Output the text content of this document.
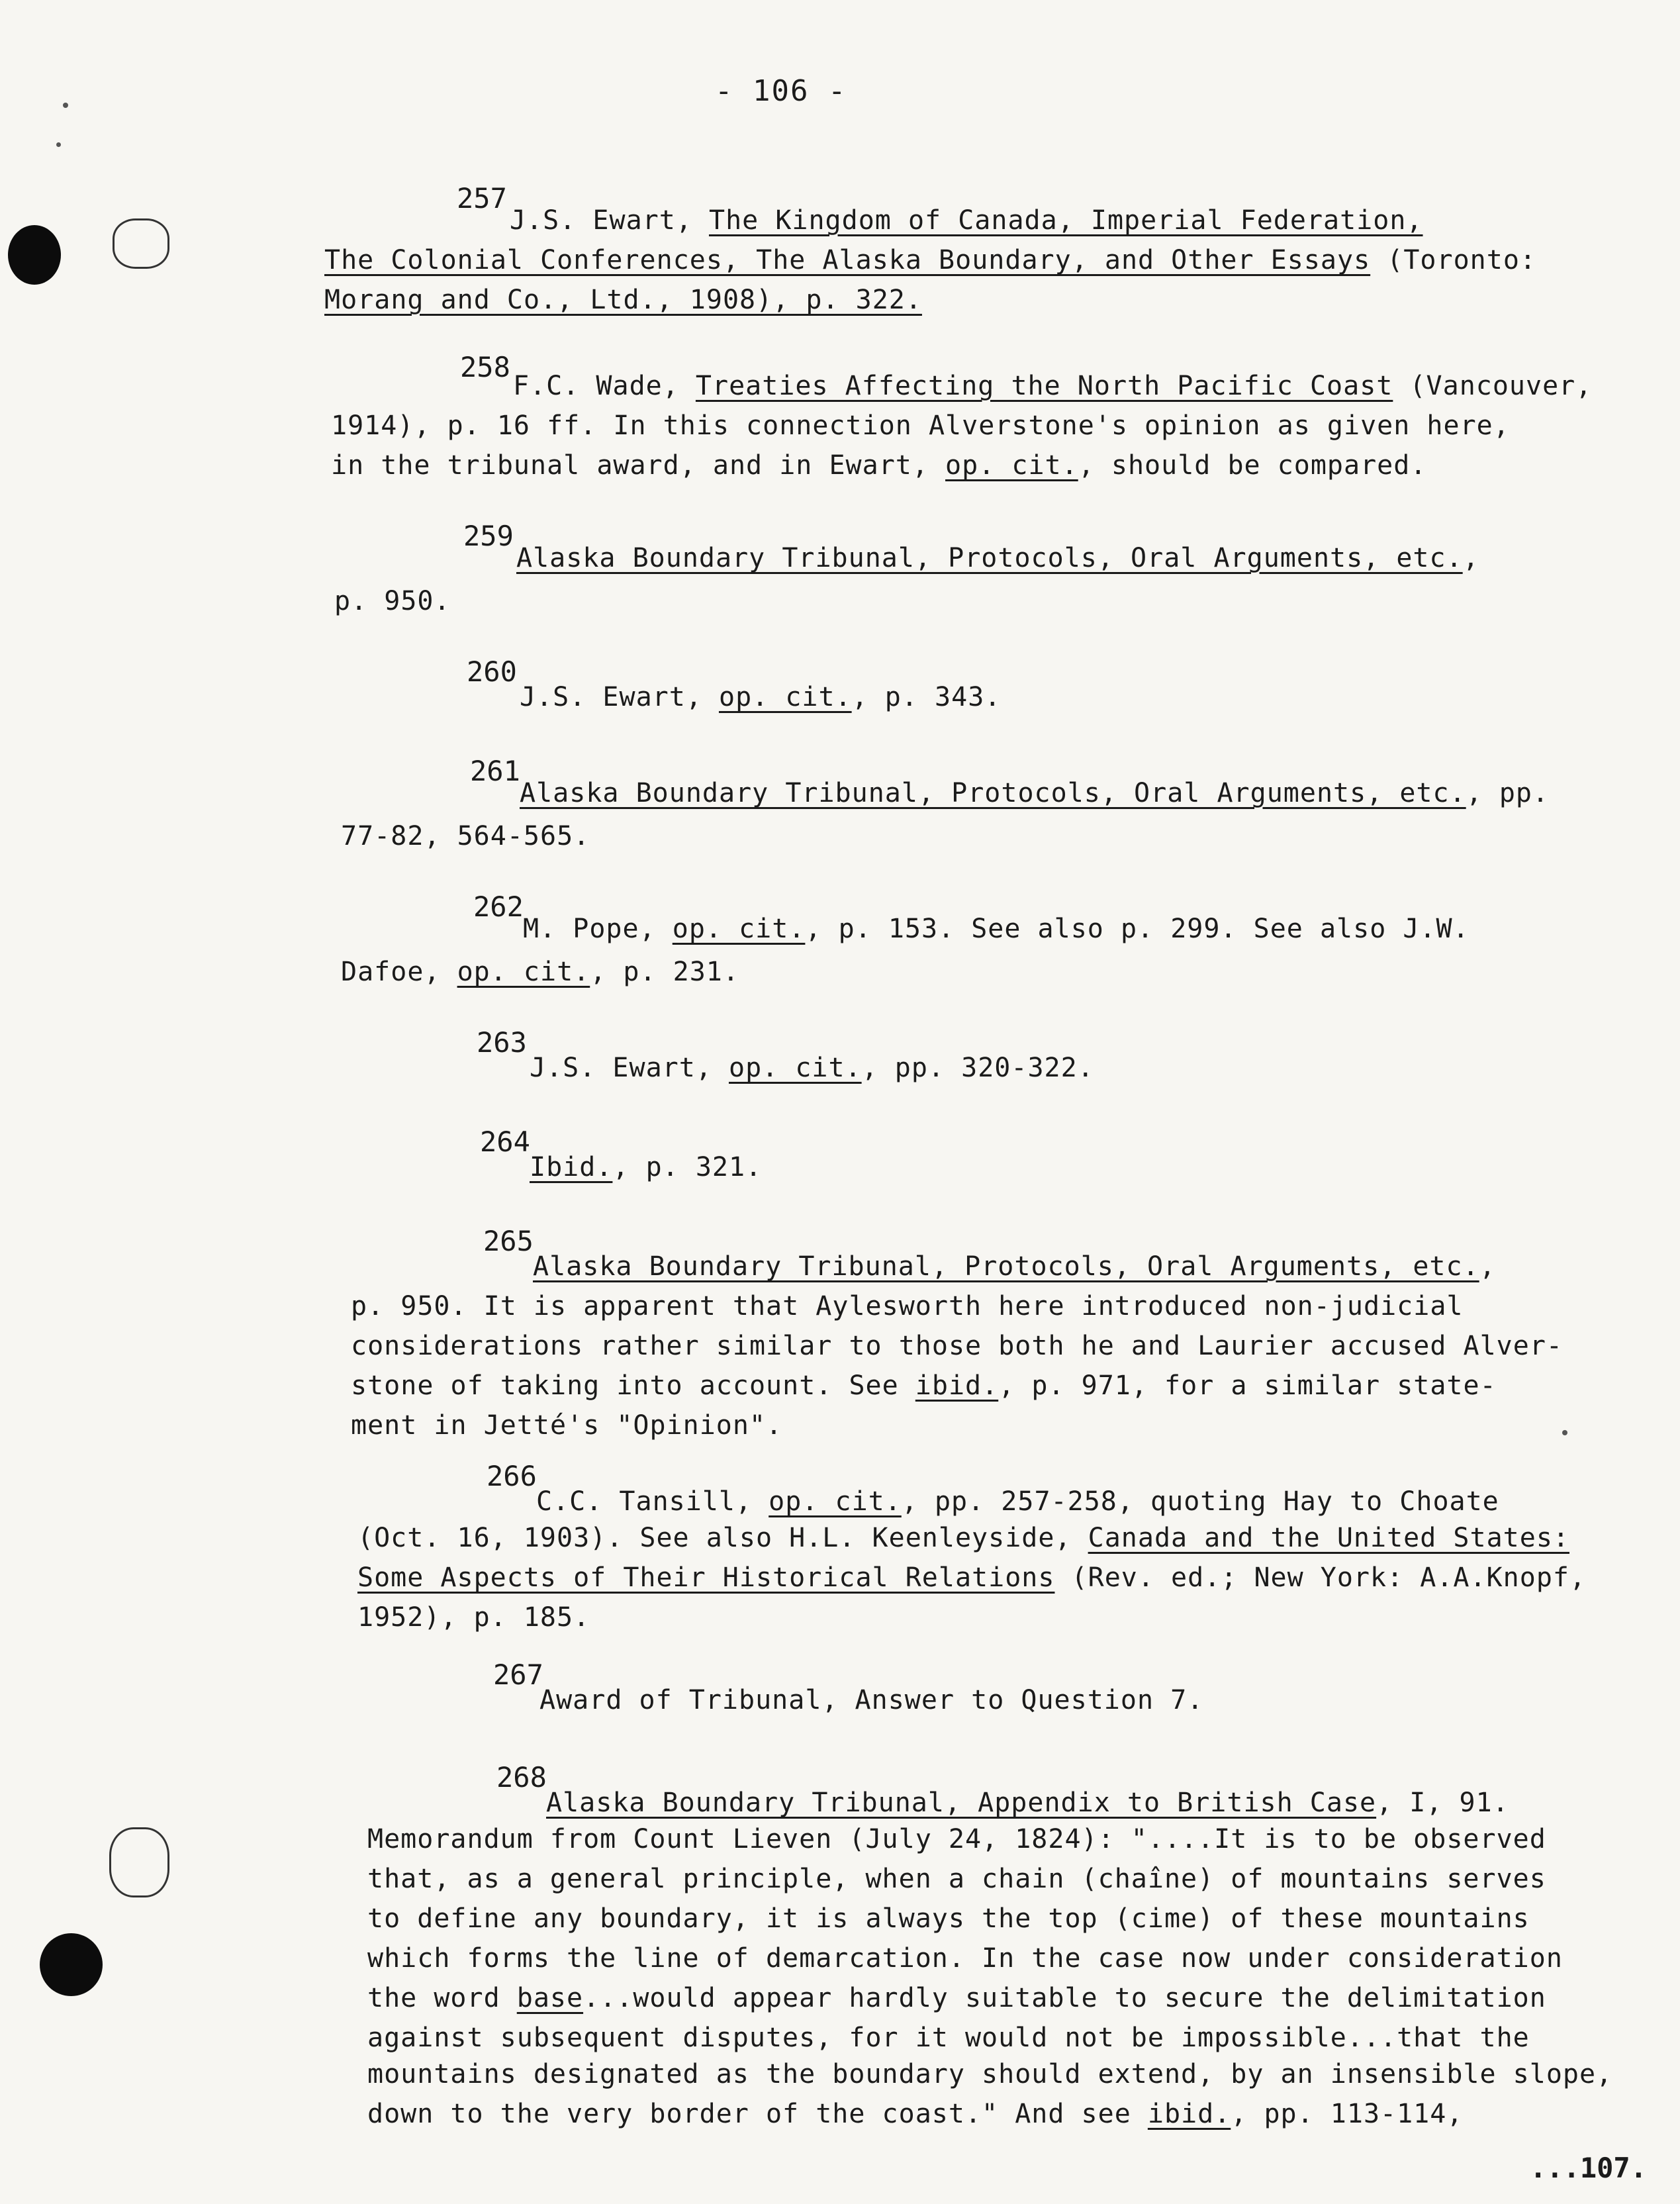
- 106 -
257
J.S. Ewart, The Kingdom of Canada, Imperial Federation,
The Colonial Conferences, The Alaska Boundary, and Other Essays (Toronto:
Morang and Co., Ltd., 1908), p. 322.
258
F.C. Wade, Treaties Affecting the North Pacific Coast (Vancouver,
1914), p. 16 ff. In this connection Alverstone's opinion as given here,
in the tribunal award, and in Ewart, op. cit., should be compared.
259
Alaska Boundary Tribunal, Protocols, Oral Arguments, etc.,
p. 950.
260
J.S. Ewart, op. cit., p. 343.
261
Alaska Boundary Tribunal, Protocols, Oral Arguments, etc., pp.
77-82, 564-565.
262
M. Pope, op. cit., p. 153. See also p. 299. See also J.W.
Dafoe, op. cit., p. 231.
263
J.S. Ewart, op. cit., pp. 320-322.
264
Ibid., p. 321.
265
Alaska Boundary Tribunal, Protocols, Oral Arguments, etc.,
p. 950. It is apparent that Aylesworth here introduced non-judicial
considerations rather similar to those both he and Laurier accused Alver-
stone of taking into account. See ibid., p. 971, for a similar state-
ment in Jetté's "Opinion".
266
C.C. Tansill, op. cit., pp. 257-258, quoting Hay to Choate
(Oct. 16, 1903). See also H.L. Keenleyside, Canada and the United States:
Some Aspects of Their Historical Relations (Rev. ed.; New York: A.A.Knopf,
1952), p. 185.
267
Award of Tribunal, Answer to Question 7.
268
Alaska Boundary Tribunal, Appendix to British Case, I, 91.
Memorandum from Count Lieven (July 24, 1824): "....It is to be observed
that, as a general principle, when a chain (chaîne) of mountains serves
to define any boundary, it is always the top (cime) of these mountains
which forms the line of demarcation. In the case now under consideration
the word base...would appear hardly suitable to secure the delimitation
against subsequent disputes, for it would not be impossible...that the
mountains designated as the boundary should extend, by an insensible slope,
down to the very border of the coast." And see ibid., pp. 113-114,
...107.
